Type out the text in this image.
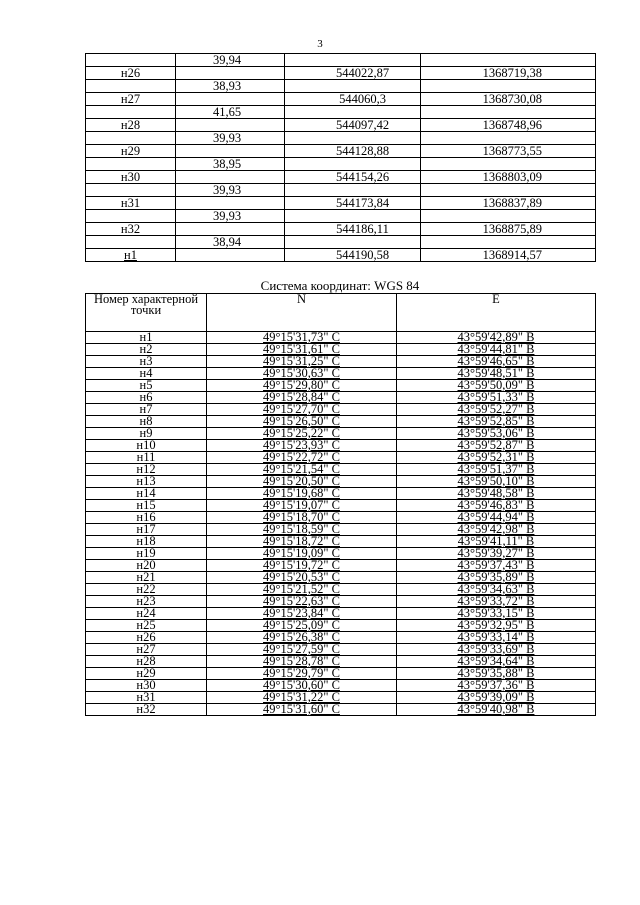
3
	39,94		
н26		544022,87	1368719,38
	38,93		
н27		544060,3	1368730,08
	41,65		
н28		544097,42	1368748,96
	39,93		
н29		544128,88	1368773,55
	38,95		
н30		544154,26	1368803,09
	39,93		
н31		544173,84	1368837,89
	39,93		
н32		544186,11	1368875,89
	38,94		
н1		544190,58	1368914,57
Система координат: WGS 84
Номер характерной точки	N	E
н1	49°15'31,73" С	43°59'42,89" В
н2	49°15'31,61" С	43°59'44,81" В
н3	49°15'31,25" С	43°59'46,65" В
н4	49°15'30,63" С	43°59'48,51" В
н5	49°15'29,80" С	43°59'50,09" В
н6	49°15'28,84" С	43°59'51,33" В
н7	49°15'27,70" С	43°59'52,27" В
н8	49°15'26,50" С	43°59'52,85" В
н9	49°15'25,22" С	43°59'53,06" В
н10	49°15'23,93" С	43°59'52,87" В
н11	49°15'22,72" С	43°59'52,31" В
н12	49°15'21,54" С	43°59'51,37" В
н13	49°15'20,50" С	43°59'50,10" В
н14	49°15'19,68" С	43°59'48,58" В
н15	49°15'19,07" С	43°59'46,83" В
н16	49°15'18,70" С	43°59'44,94" В
н17	49°15'18,59" С	43°59'42,98" В
н18	49°15'18,72" С	43°59'41,11" В
н19	49°15'19,09" С	43°59'39,27" В
н20	49°15'19,72" С	43°59'37,43" В
н21	49°15'20,53" С	43°59'35,89" В
н22	49°15'21,52" С	43°59'34,63" В
н23	49°15'22,63" С	43°59'33,72" В
н24	49°15'23,84" С	43°59'33,15" В
н25	49°15'25,09" С	43°59'32,95" В
н26	49°15'26,38" С	43°59'33,14" В
н27	49°15'27,59" С	43°59'33,69" В
н28	49°15'28,78" С	43°59'34,64" В
н29	49°15'29,79" С	43°59'35,88" В
н30	49°15'30,60" С	43°59'37,36" В
н31	49°15'31,22" С	43°59'39,09" В
н32	49°15'31,60" С	43°59'40,98" В
